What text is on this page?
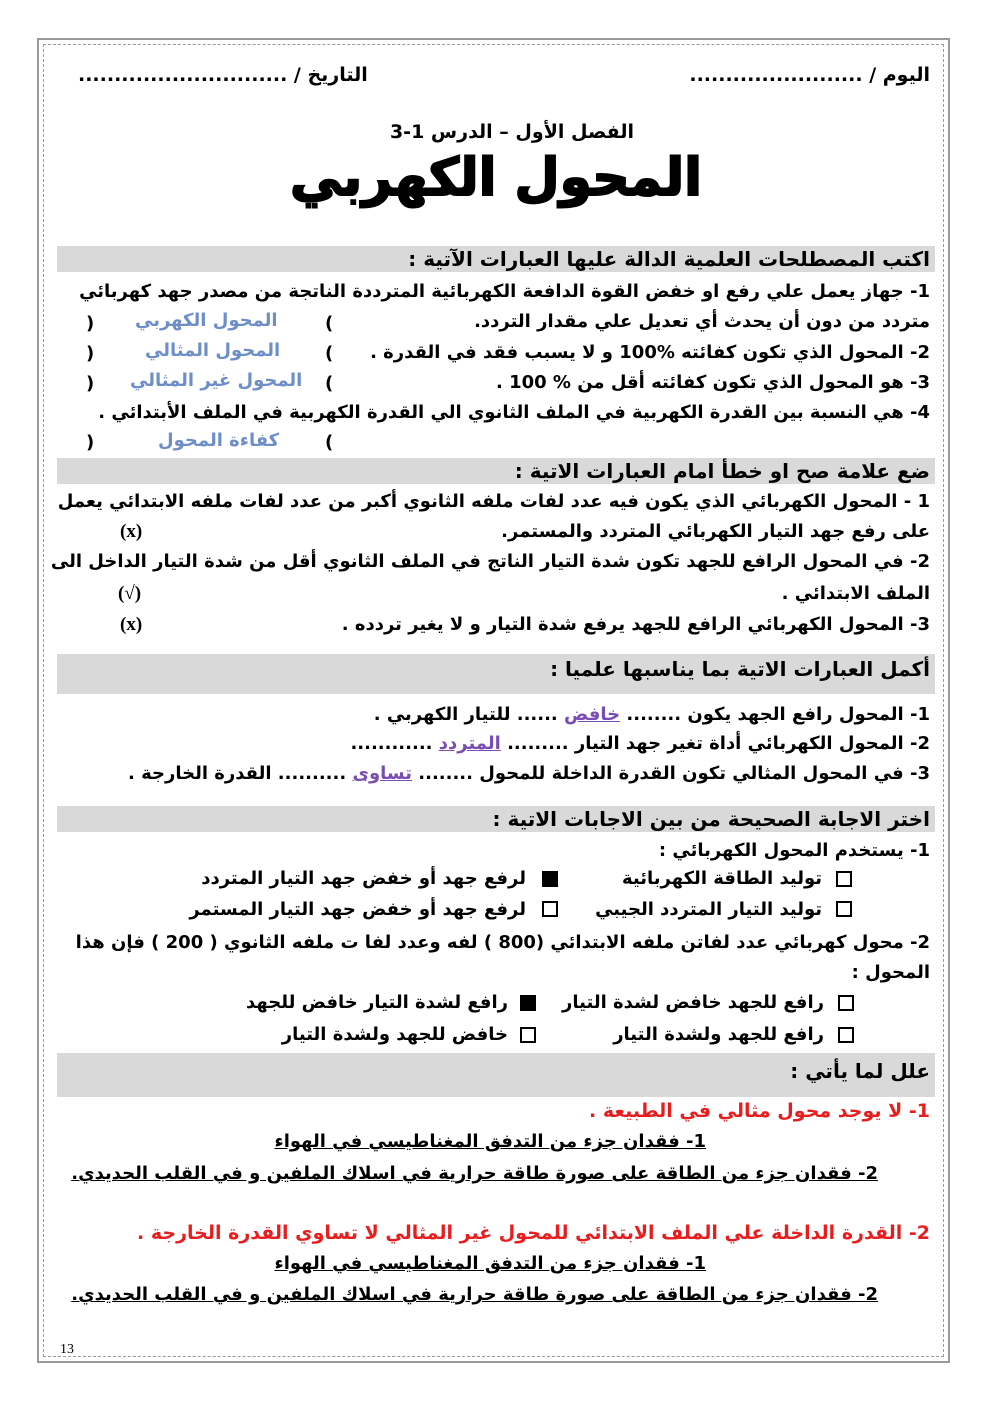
اليوم / ........................
التاريخ / .............................
الفصل الأول – الدرس 1-3
المحول الكهربي
اكتب المصطلحات العلمية الدالة عليها العبارات الآتية :
1- جهاز يعمل علي رفع او خفض القوة الدافعة الكهربائية المترددة الناتجة من مصدر جهد كهربائي
متردد من دون أن يحدث أي تعديل علي مقدار التردد.
(
المحول الكهربي
)
2- المحول الذي تكون كفائته %100 و لا يسبب فقد في القدرة .
(
المحول المثالي
)
3- هو المحول الذي تكون كفائته أقل من % 100 .
(
المحول غير المثالي
)
4- هي النسبة بين القدرة الكهربية في الملف الثانوي الي القدرة الكهربية في الملف الأبتدائي .
(
كفاءة المحول
)
ضع علامة صح او خطأ امام العبارات الاتية :
1 - المحول الكهربائي الذي يكون فيه عدد لفات ملفه الثانوي أكبر من عدد لفات ملفه الابتدائي يعمل
على رفع جهد التيار الكهربائي المتردد والمستمر.
(x)
2- في المحول الرافع للجهد تكون شدة التيار الناتج في الملف الثانوي أقل من شدة التيار الداخل الى
الملف الابتدائي .
(√)
3- المحول الكهربائي الرافع للجهد يرفع شدة التيار و لا يغير تردده .
(x)
أكمل العبارات الاتية بما يناسبها علميا :
1- المحول رافع الجهد يكون ........ خافض ...... للتيار الكهربي .
2- المحول الكهربائي أداة تغير جهد التيار ......... المتردد ............
3- في المحول المثالي تكون القدرة الداخلة للمحول ........ تساوى .......... القدرة الخارجة .
اختر الاجابة الصحيحة من بين الاجابات الاتية :
1- يستخدم المحول الكهربائي :
توليد الطاقة الكهربائية
لرفع جهد أو خفض جهد التيار المتردد
توليد التيار المتردد الجيبي
لرفع جهد أو خفض جهد التيار المستمر
2- محول كهربائي عدد لفاتن ملفه الابتدائي (800 ) لفه وعدد لفا ت ملفه الثانوي ( 200 ) فإن هذا
المحول :
رافع للجهد خافض لشدة التيار
رافع لشدة التيار خافض للجهد
رافع للجهد ولشدة التيار
خافض للجهد ولشدة التيار
علل لما يأتي :
1- لا يوجد محول مثالي في الطبيعة .
1- فقدان جزء من التدفق المغناطيسي في الهواء
2- فقدان جزء من الطاقة على صورة طاقة حرارية في اسلاك الملفين و في القلب الحديدي.
2- القدرة الداخلة علي الملف الابتدائي للمحول غير المثالي لا تساوي القدرة الخارجة .
1- فقدان جزء من التدفق المغناطيسي في الهواء
2- فقدان جزء من الطاقة على صورة طاقة حرارية في اسلاك الملفين و في القلب الحديدي.
13
